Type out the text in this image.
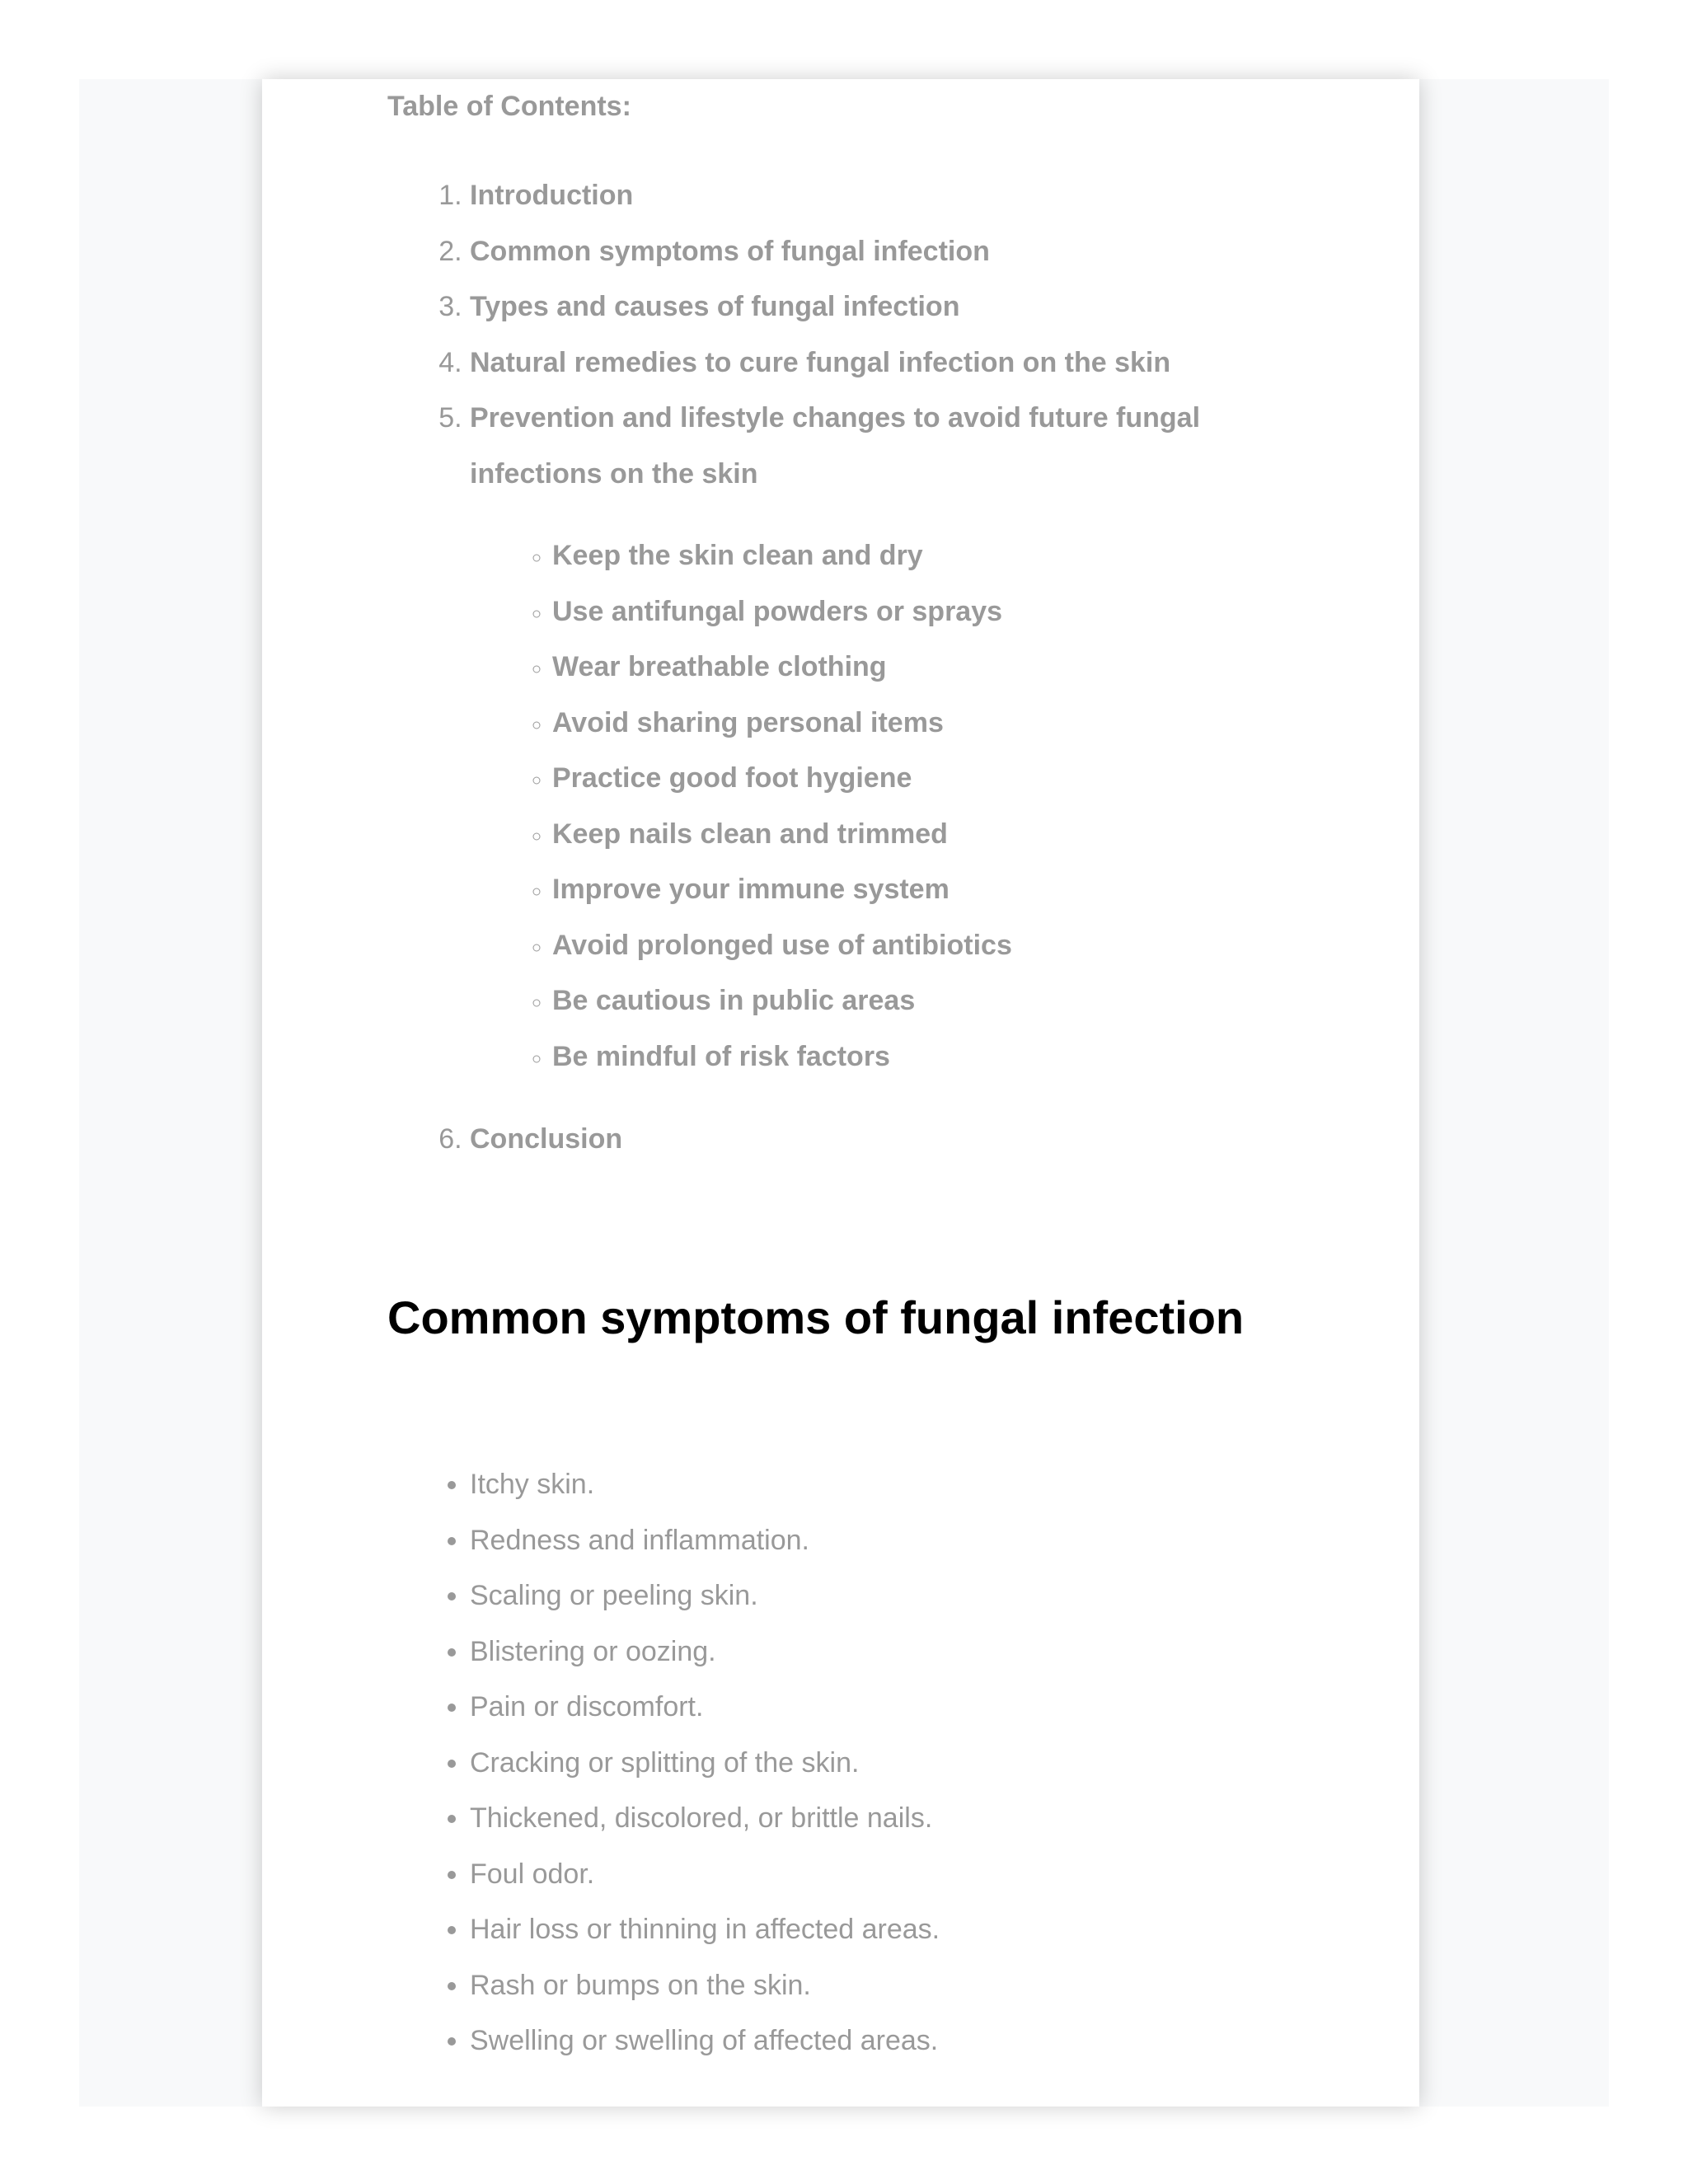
Table of Contents:

1. Introduction
2. Common symptoms of fungal infection
3. Types and causes of fungal infection
4. Natural remedies to cure fungal infection on the skin
5. Prevention and lifestyle changes to avoid future fungal infections on the skin
◦ Keep the skin clean and dry
◦ Use antifungal powders or sprays
◦ Wear breathable clothing
◦ Avoid sharing personal items
◦ Practice good foot hygiene
◦ Keep nails clean and trimmed
◦ Improve your immune system
◦ Avoid prolonged use of antibiotics
◦ Be cautious in public areas
◦ Be mindful of risk factors
6. Conclusion
Common symptoms of fungal infection
• Itchy skin.
• Redness and inflammation.
• Scaling or peeling skin.
• Blistering or oozing.
• Pain or discomfort.
• Cracking or splitting of the skin.
• Thickened, discolored, or brittle nails.
• Foul odor.
• Hair loss or thinning in affected areas.
• Rash or bumps on the skin.
• Swelling or swelling of affected areas.
